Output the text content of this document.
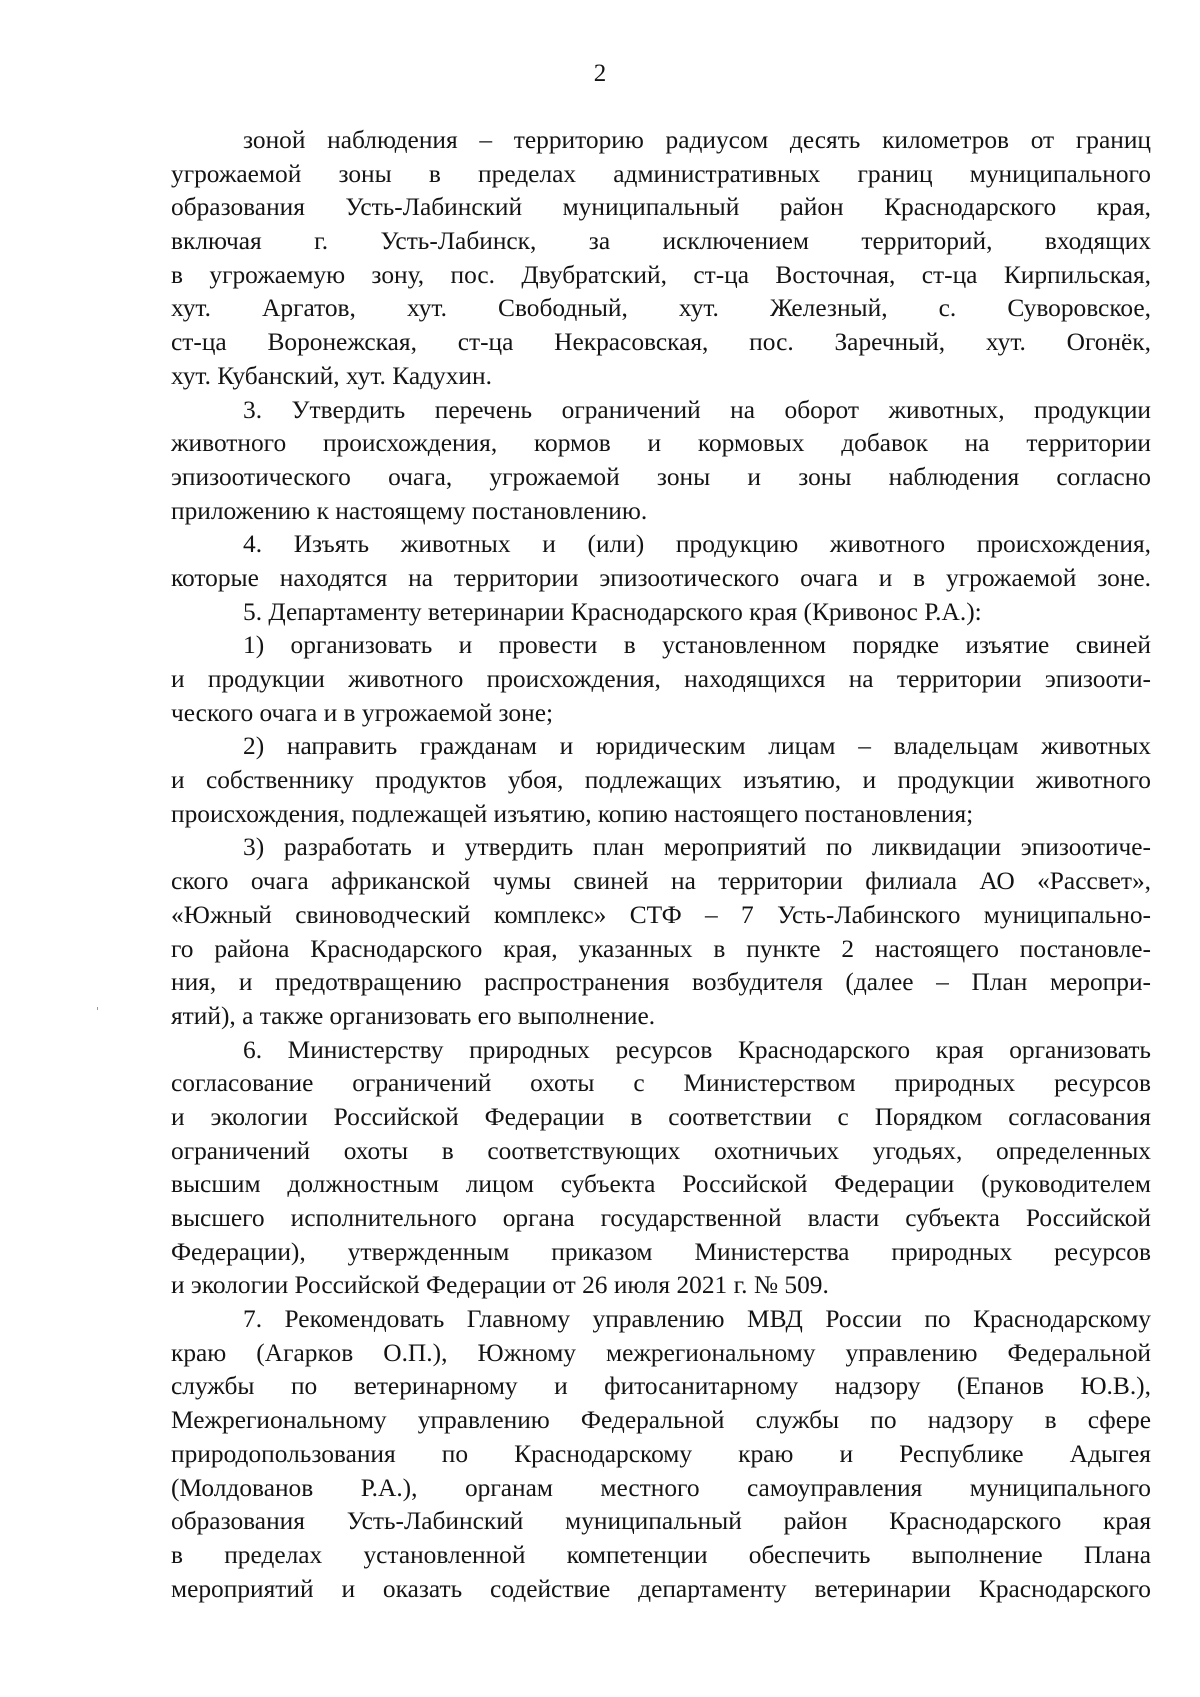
2
зоной наблюдения – территорию радиусом десять километров от границ
угрожаемой зоны в пределах административных границ муниципального
образования Усть-Лабинский муниципальный район Краснодарского края,
включая г. Усть-Лабинск, за исключением территорий, входящих
в угрожаемую зону, пос. Двубратский, ст-ца Восточная, ст-ца Кирпильская,
хут. Аргатов, хут. Свободный, хут. Железный, с. Суворовское,
ст-ца Воронежская, ст-ца Некрасовская, пос. Заречный, хут. Огонёк,
хут. Кубанский, хут. Кадухин.
3. Утвердить перечень ограничений на оборот животных, продукции
животного происхождения, кормов и кормовых добавок на территории
эпизоотического очага, угрожаемой зоны и зоны наблюдения согласно
приложению к настоящему постановлению.
4. Изъять животных и (или) продукцию животного происхождения,
которые находятся на территории эпизоотического очага и в угрожаемой зоне.
5. Департаменту ветеринарии Краснодарского края (Кривонос Р.А.):
1) организовать и провести в установленном порядке изъятие свиней
и продукции животного происхождения, находящихся на территории эпизооти-
ческого очага и в угрожаемой зоне;
2) направить гражданам и юридическим лицам – владельцам животных
и собственнику продуктов убоя, подлежащих изъятию, и продукции животного
происхождения, подлежащей изъятию, копию настоящего постановления;
3) разработать и утвердить план мероприятий по ликвидации эпизоотиче-
ского очага африканской чумы свиней на территории филиала АО «Рассвет»,
«Южный свиноводческий комплекс» СТФ – 7 Усть-Лабинского муниципально-
го района Краснодарского края, указанных в пункте 2 настоящего постановле-
ния, и предотвращению распространения возбудителя (далее – План меропри-
ятий), а также организовать его выполнение.
6. Министерству природных ресурсов Краснодарского края организовать
согласование ограничений охоты с Министерством природных ресурсов
и экологии Российской Федерации в соответствии с Порядком согласования
ограничений охоты в соответствующих охотничьих угодьях, определенных
высшим должностным лицом субъекта Российской Федерации (руководителем
высшего исполнительного органа государственной власти субъекта Российской
Федерации), утвержденным приказом Министерства природных ресурсов
и экологии Российской Федерации от 26 июля 2021 г. № 509.
7. Рекомендовать Главному управлению МВД России по Краснодарскому
краю (Агарков О.П.), Южному межрегиональному управлению Федеральной
службы по ветеринарному и фитосанитарному надзору (Епанов Ю.В.),
Межрегиональному управлению Федеральной службы по надзору в сфере
природопользования по Краснодарскому краю и Республике Адыгея
(Молдованов Р.А.), органам местного самоуправления муниципального
образования Усть-Лабинский муниципальный район Краснодарского края
в пределах установленной компетенции обеспечить выполнение Плана
мероприятий и оказать содействие департаменту ветеринарии Краснодарского
